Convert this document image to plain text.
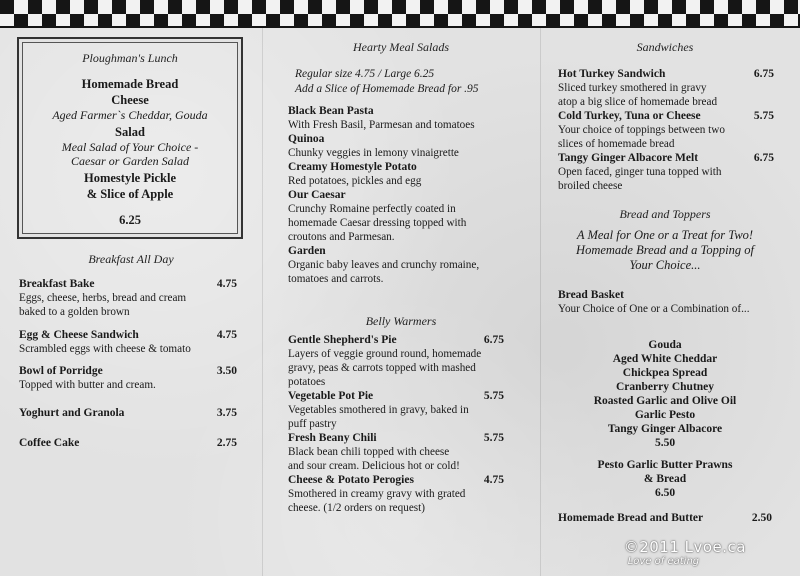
Ploughman's Lunch
Homemade Bread
Cheese
Aged Farmer`s Cheddar, Gouda
Salad
Meal Salad of Your Choice -
Caesar or Garden Salad
Homestyle Pickle
& Slice of Apple
6.25
Breakfast All Day
Breakfast Bake	4.75
Eggs, cheese, herbs, bread and cream
baked to a golden brown
Egg & Cheese Sandwich	4.75
Scrambled eggs with cheese & tomato
Bowl of Porridge	3.50
Topped with butter and cream.
Yoghurt and Granola	3.75
Coffee Cake	2.75
Hearty Meal Salads
Regular size 4.75 / Large 6.25
Add a Slice of Homemade Bread for .95
Black Bean Pasta
With Fresh Basil, Parmesan and tomatoes
Quinoa
Chunky veggies in lemony vinaigrette
Creamy Homestyle Potato
Red potatoes, pickles and egg
Our Caesar
Crunchy Romaine perfectly coated in
homemade Caesar dressing topped with
croutons and Parmesan.
Garden
Organic baby leaves and crunchy romaine,
tomatoes and carrots.
Belly Warmers
Gentle Shepherd's Pie	6.75
Layers of veggie ground round, homemade
gravy, peas & carrots topped with mashed
potatoes
Vegetable Pot Pie	5.75
Vegetables smothered in gravy, baked in
puff pastry
Fresh Beany Chili	5.75
Black bean chili topped with cheese
and sour cream. Delicious hot or cold!
Cheese & Potato Perogies	4.75
Smothered in creamy gravy with grated
cheese. (1/2 orders on request)
Sandwiches
Hot Turkey Sandwich	6.75
Sliced turkey smothered in gravy
atop a big slice of homemade bread
Cold Turkey, Tuna or Cheese	5.75
Your choice of toppings between two
slices of homemade bread
Tangy Ginger Albacore Melt	6.75
Open faced, ginger tuna topped with
broiled cheese
Bread and Toppers
A Meal for One or a Treat for Two!
Homemade Bread and a Topping of
Your Choice...
Bread Basket
Your Choice of One or a Combination of...
Gouda
Aged White Cheddar
Chickpea Spread
Cranberry Chutney
Roasted Garlic and Olive Oil
Garlic Pesto
Tangy Ginger Albacore
5.50
Pesto Garlic Butter Prawns
& Bread
6.50
Homemade Bread and Butter	2.50
©2011 Lvoe.ca
Love of eating
